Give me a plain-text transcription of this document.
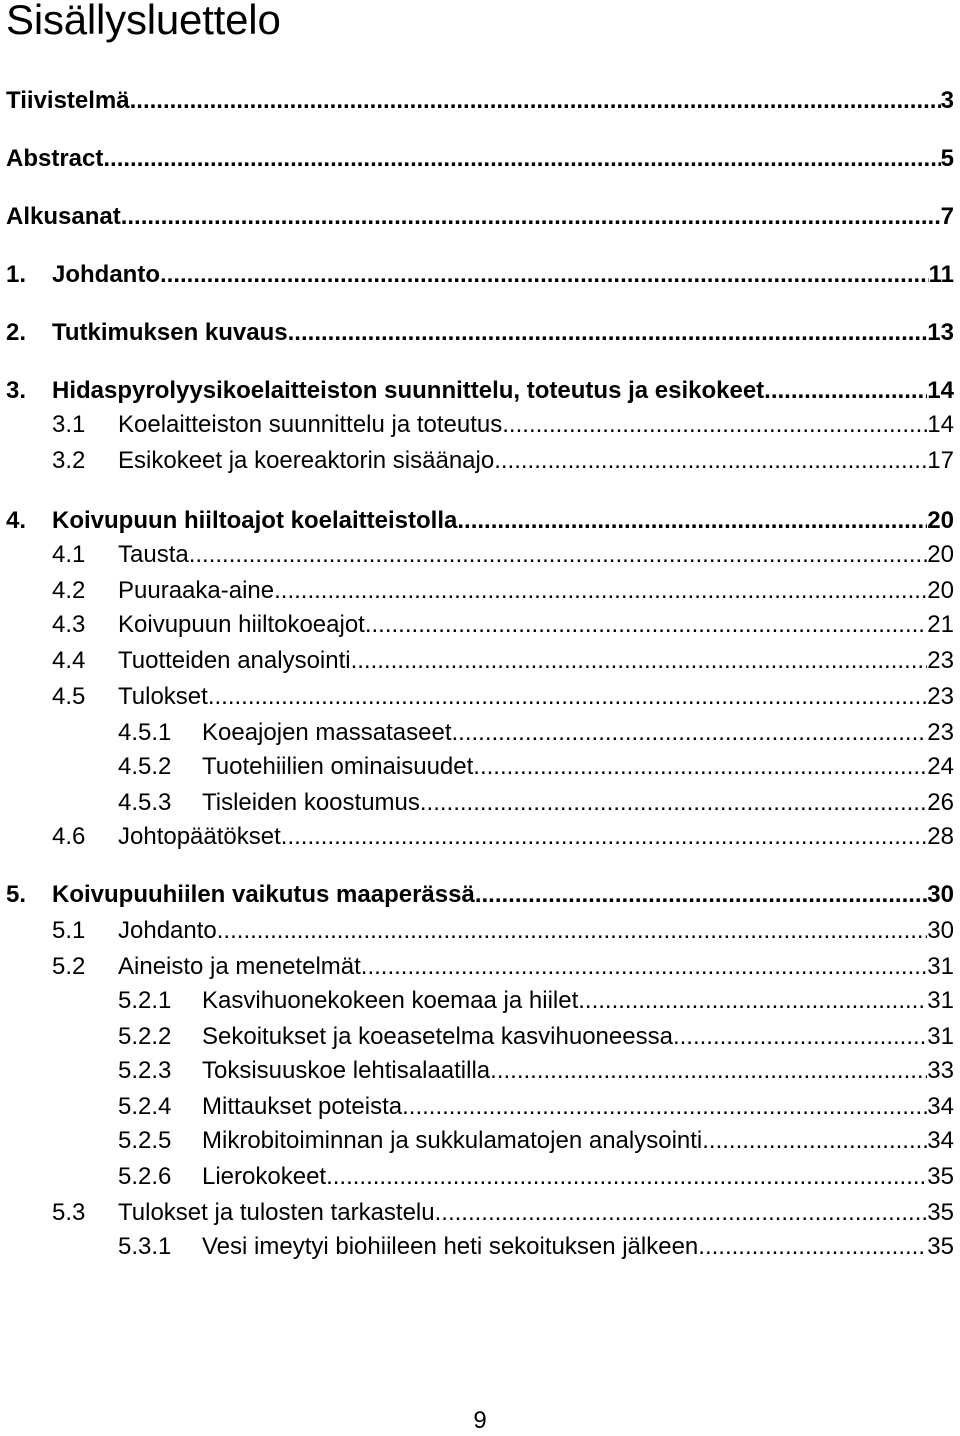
Sisällysluettelo
Tiivistelmä .....	3
Abstract .....	5
Alkusanat .....	7
1.	Johdanto .....	11
2.	Tutkimuksen kuvaus .....	13
3.	Hidaspyrolyysikoelaitteiston suunnittelu, toteutus ja esikokeet .....	14
3.1	Koelaitteiston suunnittelu ja toteutus .....	14
3.2	Esikokeet ja koereaktorin sisäänajo .....	17
4.	Koivupuun hiiltoajot koelaitteistolla .....	20
4.1	Tausta .....	20
4.2	Puuraaka-aine .....	20
4.3	Koivupuun hiiltokoeajot .....	21
4.4	Tuotteiden analysointi .....	23
4.5	Tulokset .....	23
4.5.1	Koeajojen massataseet .....	23
4.5.2	Tuotehiilien ominaisuudet .....	24
4.5.3	Tisleiden koostumus .....	26
4.6	Johtopäätökset .....	28
5.	Koivupuuhiilen vaikutus maaperässä .....	30
5.1	Johdanto .....	30
5.2	Aineisto ja menetelmät .....	31
5.2.1	Kasvihuonekokeen koemaa ja hiilet .....	31
5.2.2	Sekoitukset ja koeasetelma kasvihuoneessa .....	31
5.2.3	Toksisuuskoe lehtisalaatilla .....	33
5.2.4	Mittaukset poteista .....	34
5.2.5	Mikrobitoiminnan ja sukkulamatojen analysointi .....	34
5.2.6	Lierokokeet .....	35
5.3	Tulokset ja tulosten tarkastelu .....	35
5.3.1	Vesi imeytyi biohiileen heti sekoituksen jälkeen .....	35
9
